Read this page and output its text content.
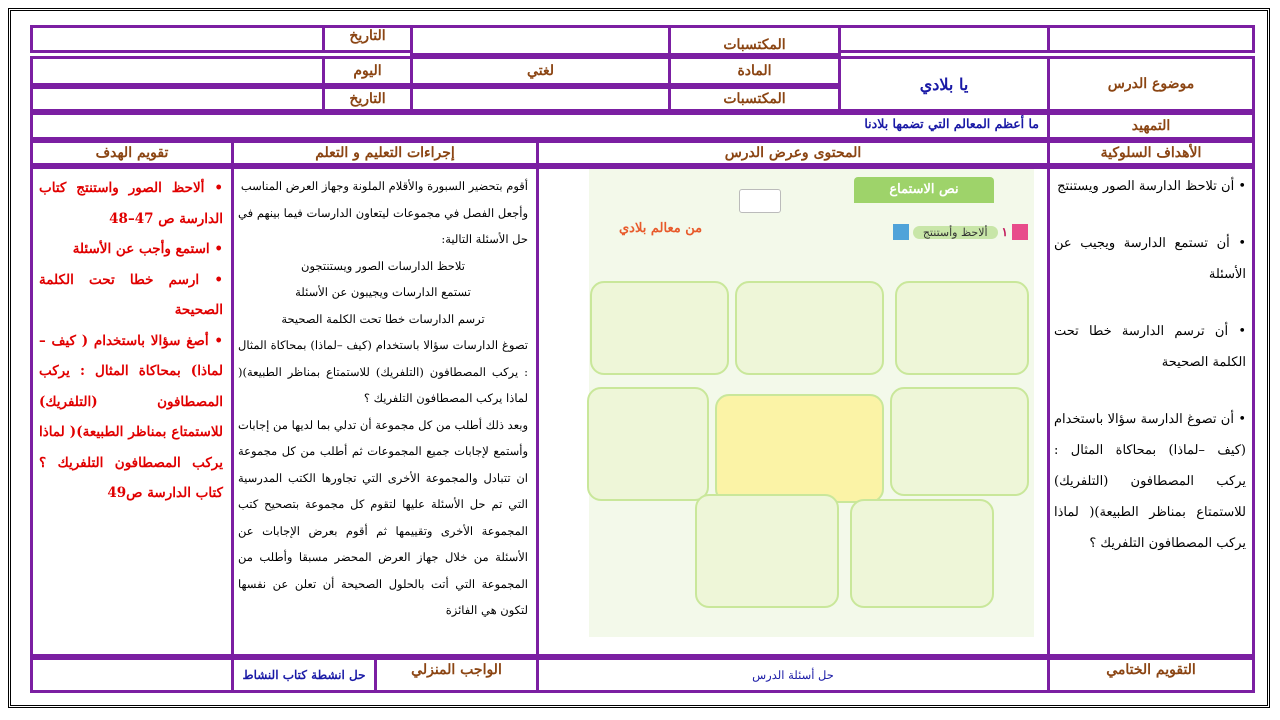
المكتسبات
التاريخ
موضوع الدرس
يا بلادي
المادة
لغتي
اليوم
المكتسبات
التاريخ
التمهيد
ما أعظم المعالم التي تضمها بلادنا
الأهداف السلوكية
المحتوى وعرض الدرس
إجراءات التعليم و التعلم
تقويم الهدف

• أن تلاحظ الدارسة الصور ويستنتج

• أن تستمع الدارسة ويجيب عن الأسئلة

• أن ترسم الدارسة خطا تحت الكلمة الصحيحة

• أن تصوغ الدارسة سؤالا باستخدام (كيف –لماذا) بمحاكاة المثال : يركب المصطافون (التلفريك) للاستمتاع بمناظر الطبيعة)( لماذا يركب المصطافون التلفريك ؟

نص الاستماع
١
ألاحظ وأستنتج
من معالم بلادي
أقوم بتحضير السبورة والأقلام الملونة وجهاز العرض المناسب
وأجعل الفصل في مجموعات ليتعاون الدارسات فيما بينهم في حل الأسئلة التالية:
تلاحظ الدارسات الصور ويستنتجون
تستمع الدارسات ويجيبون عن الأسئلة
ترسم الدارسات خطا تحت الكلمة الصحيحة
تصوغ الدارسات سؤالا باستخدام (كيف –لماذا) بمحاكاة المثال : يركب المصطافون (التلفريك) للاستمتاع بمناظر الطبيعة)( لماذا يركب المصطافون التلفريك ؟
وبعد ذلك أطلب من كل مجموعة أن تدلي بما لديها من إجابات وأستمع لإجابات جميع المجموعات ثم أطلب من كل مجموعة ان تتبادل والمجموعة الأخرى التي تجاورها الكتب المدرسية التي تم حل الأسئلة عليها لتقوم كل مجموعة بتصحيح كتب المجموعة الأخرى وتقييمها ثم أقوم بعرض الإجابات عن الأسئلة من خلال جهاز العرض المحضر مسبقا وأطلب من المجموعة التي أتت بالحلول الصحيحة أن تعلن عن نفسها لتكون هي الفائزة
• ألاحظ الصور واستنتج كتاب الدارسة ص 47–48
• استمع وأجب عن الأسئلة
• ارسم خطا تحت الكلمة الصحيحة
• أصغ سؤالا باستخدام ( كيف – لماذا) بمحاكاة المثال : يركب المصطافون (التلفريك) للاستمتاع بمناظر الطبيعة)( لماذا يركب المصطافون التلفريك ؟ كتاب الدارسة ص49
التقويم الختامي
حل أسئلة الدرس
الواجب المنزلي
حل انشطة كتاب النشاط
